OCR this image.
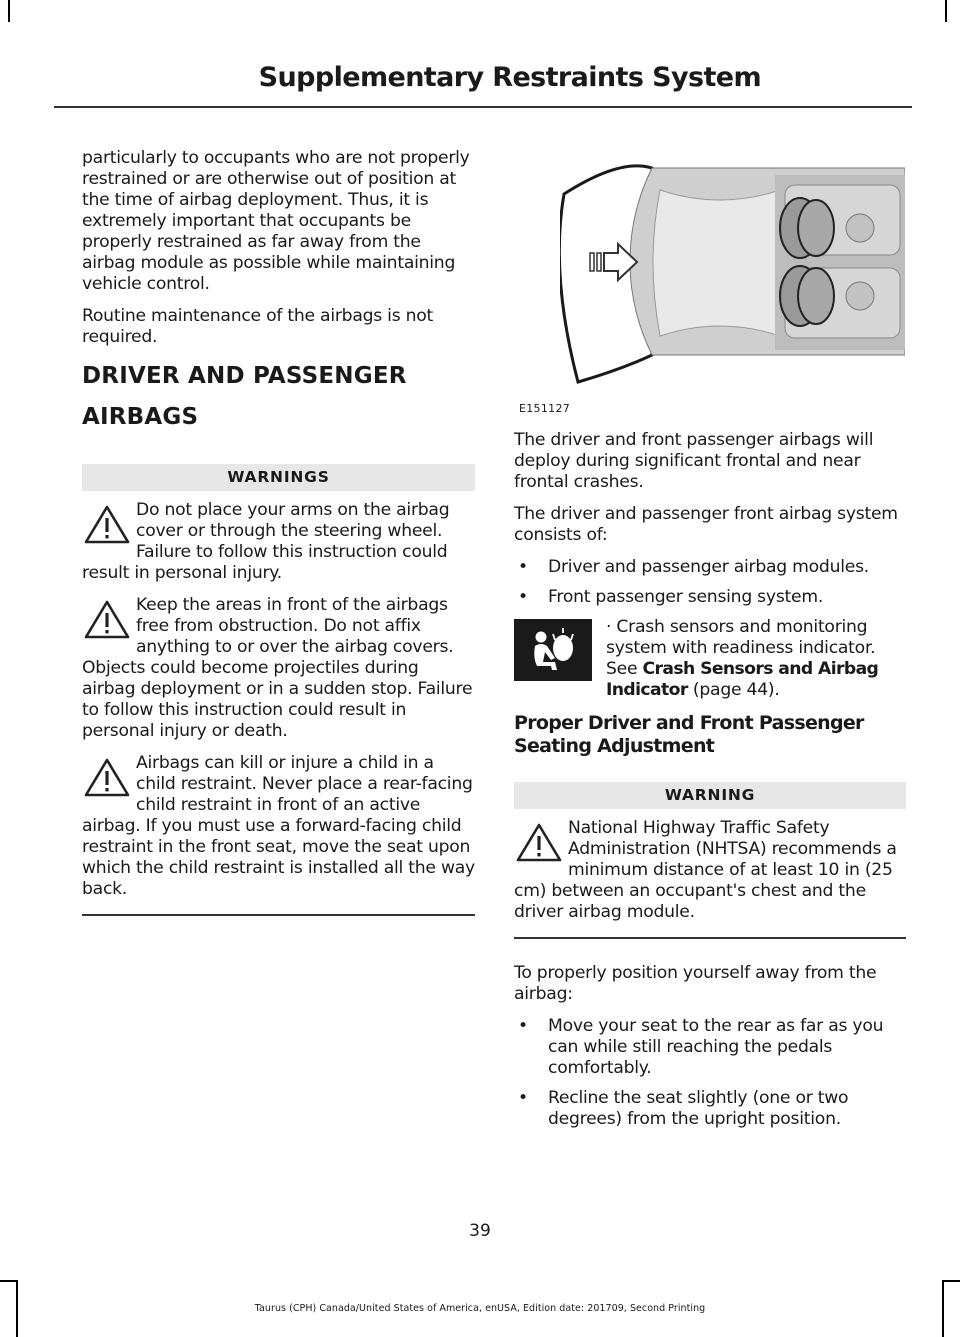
Supplementary Restraints System

particularly to occupants who are not properly restrained or are otherwise out of position at the time of airbag deployment. Thus, it is extremely important that occupants be properly restrained as far away from the airbag module as possible while maintaining vehicle control.

Routine maintenance of the airbags is not required.

DRIVER AND PASSENGER
AIRBAGS
WARNINGS
Do not place your arms on the airbag cover or through the steering wheel. Failure to follow this instruction could result in personal injury.
Keep the areas in front of the airbags free from obstruction. Do not affix anything to or over the airbag covers. Objects could become projectiles during airbag deployment or in a sudden stop. Failure to follow this instruction could result in personal injury or death.
Airbags can kill or injure a child in a child restraint. Never place a rear-facing child restraint in front of an active airbag. If you must use a forward-facing child restraint in the front seat, move the seat upon which the child restraint is installed all the way back.
E151127

The driver and front passenger airbags will deploy during significant frontal and near frontal crashes.

The driver and passenger front airbag system consists of:

• Driver and passenger airbag modules.
• Front passenger sensing system.
· Crash sensors and monitoring system with readiness indicator. See Crash Sensors and Airbag Indicator (page 44).
Proper Driver and Front Passenger Seating Adjustment
WARNING
National Highway Traffic Safety Administration (NHTSA) recommends a minimum distance of at least 10 in (25 cm) between an occupant's chest and the driver airbag module.

To properly position yourself away from the airbag:

• Move your seat to the rear as far as you can while still reaching the pedals comfortably.
• Recline the seat slightly (one or two degrees) from the upright position.
39
Taurus (CPH) Canada/United States of America, enUSA, Edition date: 201709, Second Printing
